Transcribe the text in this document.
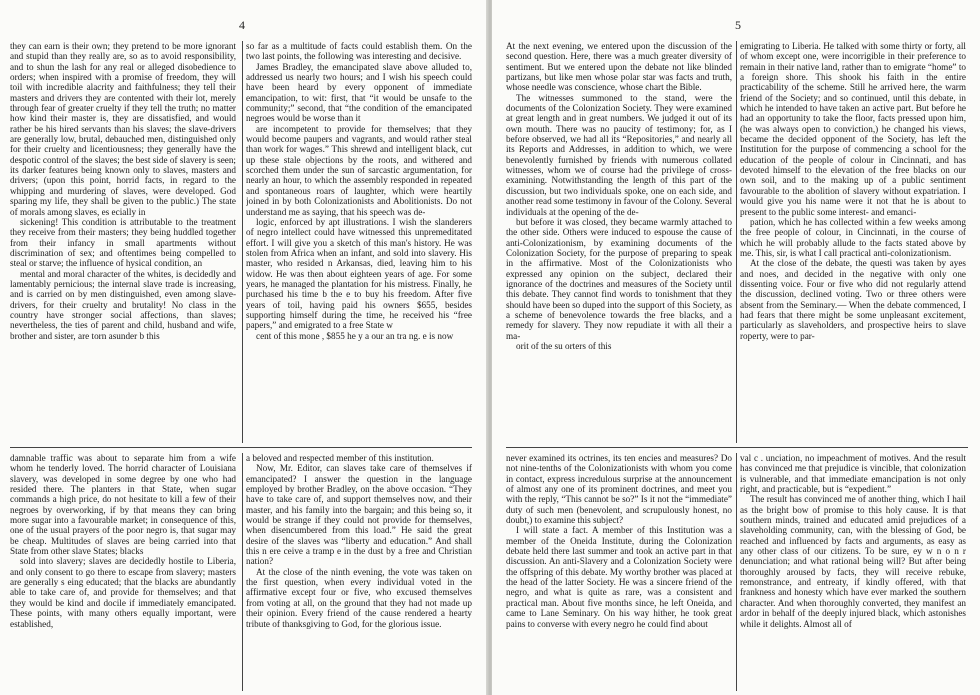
4

they can earn is their own; they pretend to be more ignorant and stupid than they really are, so as to avoid responsibility, and to shun the lash for any real or alleged disobedience to orders; when inspired with a promise of freedom, they will toil with incredible alacrity and faithfulness; they tell their masters and drivers they are contented with their lot, merely through fear of greater cruelty if they tell the truth; no matter how kind their master is, they are dissatisfied, and would rather be his hired servants than his slaves; the slave-drivers are generally low, brutal, debauched men, distinguished only for their cruelty and licentiousness; they generally have the despotic control of the slaves; the best side of slavery is seen; its darker features being known only to slaves, masters and drivers; (upon this point, horrid facts, in regard to the whipping and murdering of slaves, were developed. God sparing my life, they shall be given to the public.) The state of morals among slaves, es ecially in

sickening! This condition is attributable to the treatment they receive from their masters; they being huddled together from their infancy in small apartments without discrimination of sex; and oftentimes being compelled to steal or starve; the influence of hysical condition, an

mental and moral character of the whites, is decidedly and lamentably pernicious; the internal slave trade is increasing, and is carried on by men distinguished, even among slave-drivers, for their cruelty and brutality! No class in the country have stronger social affections, than slaves; nevertheless, the ties of parent and child, husband and wife, brother and sister, are torn asunder b this

so far as a multitude of facts could establish them. On the two last points, the following was interesting and decisive.

James Bradley, the emancipated slave above alluded to, addressed us nearly two hours; and I wish his speech could have been heard by every opponent of immediate emancipation, to wit: first, that “it would be unsafe to the community;” second, that “the condition of the emancipated negroes would be worse than it

are incompetent to provide for themselves; that they would become paupers and vagrants, and would rather steal than work for wages.” This shrewd and intelligent black, cut up these stale objections by the roots, and withered and scorched them under the sun of sarcastic argumentation, for nearly an hour, to which the assembly responded in repeated and spontaneous roars of laughter, which were heartily joined in by both Colonizationists and Abolitionists. Do not understand me as saying, that his speech was de-

logic, enforced by apt illustrations. I wish the slanderers of negro intellect could have witnessed this unpremeditated effort. I will give you a sketch of this man's history. He was stolen from Africa when an infant, and sold into slavery. His master, who resided n Arkansas, died, leaving him to his widow. He was then about eighteen years of age. For some years, he managed the plantation for his mistress. Finally, he purchased his time b the e to buy his freedom. After five years of toil, having paid his owners $655, besides supporting himself during the time, he received his “free papers,” and emigrated to a free State w

cent of this mone , $855 he y a our an tra ng. e is now

damnable traffic was about to separate him from a wife whom he tenderly loved. The horrid character of Louisiana slavery, was developed in some degree by one who had resided there. The planters in that State, when sugar commands a high price, do not hesitate to kill a few of their negroes by overworking, if by that means they can bring more sugar into a favourable market; in consequence of this, one of the usual prayers of the poor negro is, that sugar may be cheap. Multitudes of slaves are being carried into that State from other slave States; blacks

sold into slavery; slaves are decidedly hostile to Liberia, and only consent to go there to escape from slavery; masters are generally s eing educated; that the blacks are abundantly able to take care of, and provide for themselves; and that they would be kind and docile if immediately emancipated. These points, with many others equally important, were established,

a beloved and respected member of this institution.

Now, Mr. Editor, can slaves take care of themselves if emancipated? I answer the question in the language employed by brother Bradley, on the above occasion. “They have to take care of, and support themselves now, and their master, and his family into the bargain; and this being so, it would be strange if they could not provide for themselves, when disencumbered from this load.” He said the great desire of the slaves was “liberty and education.” And shall this n ere ceive a tramp e in the dust by a free and Christian nation?

At the close of the ninth evening, the vote was taken on the first question, when every individual voted in the affirmative except four or five, who excused themselves from voting at all, on the ground that they had not made up their opinion. Every friend of the cause rendered a hearty tribute of thanksgiving to God, for the glorious issue.

5

At the next evening, we entered upon the discussion of the second question. Here, there was a much greater diversity of sentiment. But we entered upon the debate not like blinded partizans, but like men whose polar star was facts and truth, whose needle was conscience, whose chart the Bible.

The witnesses summoned to the stand, were the documents of the Colonization Society. They were examined at great length and in great numbers. We judged it out of its own mouth. There was no paucity of testimony; for, as I before observed, we had all its “Repositories,” and nearly all its Reports and Addresses, in addition to which, we were benevolently furnished by friends with numerous collated witnesses, whom we of course had the privilege of cross-examining. Notwithstanding the length of this part of the discussion, but two individuals spoke, one on each side, and another read some testimony in favour of the Colony. Several individuals at the opening of the de-

but before it was closed, they became warmly attached to the other side. Others were induced to espouse the cause of anti-Colonizationism, by examining documents of the Colonization Society, for the purpose of preparing to speak in the affirmative. Most of the Colonizationists who expressed any opinion on the subject, declared their ignorance of the doctrines and measures of the Society until this debate. They cannot find words to tonishment that they should have been so duped into the support of this Society, as a scheme of benevolence towards the free blacks, and a remedy for slavery. They now repudiate it with all their a ma-

orit of the su orters of this

emigrating to Liberia. He talked with some thirty or forty, all of whom except one, were incorrigible in their preference to remain in their native land, rather than to emigrate “home” to a foreign shore. This shook his faith in the entire practicability of the scheme. Still he arrived here, the warm friend of the Society; and so continued, until this debate, in which he intended to have taken an active part. But before he had an opportunity to take the floor, facts pressed upon him, (he was always open to conviction,) he changed his views, became the decided opponent of the Society, has left the Institution for the purpose of commencing a school for the education of the people of colour in Cincinnati, and has devoted himself to the elevation of the free blacks on our own soil, and to the making up of a public sentiment favourable to the abolition of slavery without expatriation. I would give you his name were it not that he is about to present to the public some interest- and emanci-

pation, which he has collected within a few weeks among the free people of colour, in Cincinnati, in the course of which he will probably allude to the facts stated above by me. This, sir, is what I call practical anti-colonizationism.

At the close of the debate, the questi was taken by ayes and noes, and decided in the negative with only one dissenting voice. Four or five who did not regularly attend the discussion, declined voting. Two or three others were absent from the Seminary.— When the debate commenced, I had fears that there might be some unpleasant excitement, particularly as slaveholders, and prospective heirs to slave roperty, were to par-

never examined its octrines, its ten encies and measures? Do not nine-tenths of the Colonizationists with whom you come in contact, express incredulous surprise at the announcement of almost any one of its prominent doctrines, and meet you with the reply, “This cannot be so?” Is it not the “immediate” duty of such men (benevolent, and scrupulously honest, no doubt,) to examine this subject?

I will state a fact. A member of this Institution was a member of the Oneida Institute, during the Colonization debate held there last summer and took an active part in that discussion. An anti-Slavery and a Colonization Society were the offspring of this debate. My worthy brother was placed at the head of the latter Society. He was a sincere friend of the negro, and what is quite as rare, was a consistent and practical man. About five months since, he left Oneida, and came to Lane Seminary. On his way hither, he took great pains to converse with every negro he could find about

val c . unciation, no impeachment of motives. And the result has convinced me that prejudice is vincible, that colonization is vulnerable, and that immediate emancipation is not only right, and practicable, but is “expedient.”

The result has convinced me of another thing, which I hail as the bright bow of promise to this holy cause. It is that southern minds, trained and educated amid prejudices of a slaveholding community, can, with the blessing of God, be reached and influenced by facts and arguments, as easy as any other class of our citizens. To be sure, ey w n o n r denunciation; and what rational being will? But after being thoroughly aroused by facts, they will receive rebuke, remonstrance, and entreaty, if kindly offered, with that frankness and honesty which have ever marked the southern character. And when thoroughly converted, they manifest an ardor in behalf of the deeply injured black, which astonishes while it delights. Almost all of
